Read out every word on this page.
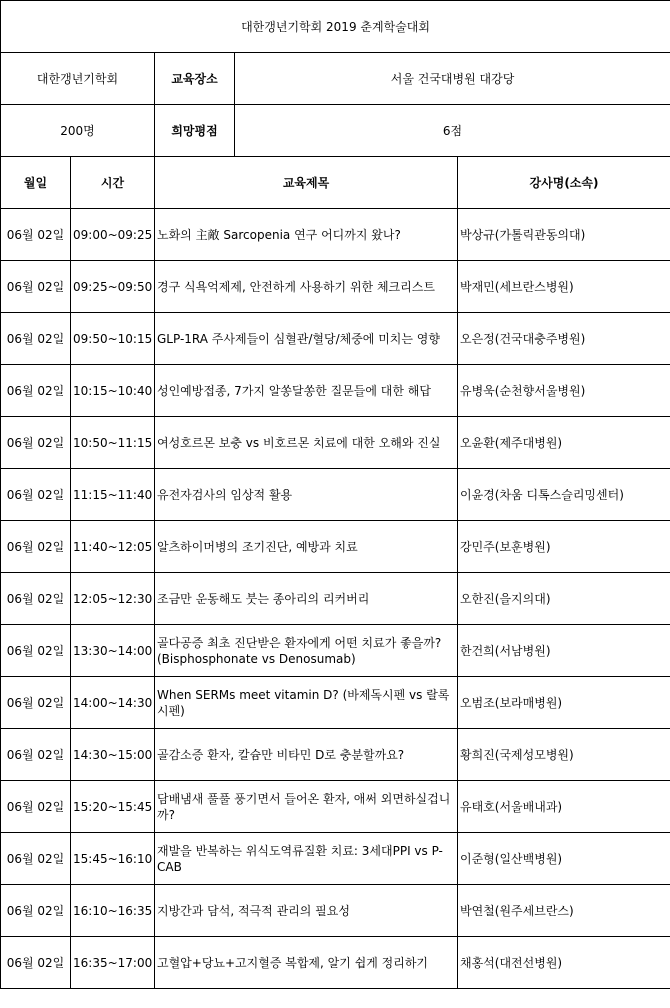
대한갱년기학회 2019 춘계학술대회				
대한갱년기학회		교육장소	서울 건국대병원 대강당	
200명		희망평점	6점	
월일	시간	교육제목		강사명(소속)
06월 02일	09:00~09:25	노화의 主敵 Sarcopenia 연구 어디까지 왔나?		박상규(가톨릭관동의대)
06월 02일	09:25~09:50	경구 식욕억제제, 안전하게 사용하기 위한 체크리스트		박재민(세브란스병원)
06월 02일	09:50~10:15	GLP-1RA 주사제들이 심혈관/혈당/체중에 미치는 영향		오은정(건국대충주병원)
06월 02일	10:15~10:40	성인예방접종, 7가지 알쏭달쏭한 질문들에 대한 해답		유병욱(순천향서울병원)
06월 02일	10:50~11:15	여성호르몬 보충 vs 비호르몬 치료에 대한 오해와 진실		오윤환(제주대병원)
06월 02일	11:15~11:40	유전자검사의 임상적 활용		이윤경(차움 디톡스슬리밍센터)
06월 02일	11:40~12:05	알츠하이머병의 조기진단, 예방과 치료		강민주(보훈병원)
06월 02일	12:05~12:30	조금만 운동해도 붓는 종아리의 리커버리		오한진(을지의대)
06월 02일	13:30~14:00	골다공증 최초 진단받은 환자에게 어떤 치료가 좋을까? (Bisphosphonate vs Denosumab)		한건희(서남병원)
06월 02일	14:00~14:30	When SERMs meet vitamin D? (바제독시펜 vs 랄록시펜)		오범조(보라매병원)
06월 02일	14:30~15:00	골감소증 환자, 칼슘만 비타민 D로 충분할까요?		황희진(국제성모병원)
06월 02일	15:20~15:45	담배냄새 풀풀 풍기면서 들어온 환자, 애써 외면하실겁니까?		유태호(서울배내과)
06월 02일	15:45~16:10	재발을 반복하는 위식도역류질환 치료: 3세대PPI vs P-CAB		이준형(일산백병원)
06월 02일	16:10~16:35	지방간과 담석, 적극적 관리의 필요성		박연철(원주세브란스)
06월 02일	16:35~17:00	고혈압+당뇨+고지혈증 복합제, 알기 쉽게 정리하기		채홍석(대전선병원)
